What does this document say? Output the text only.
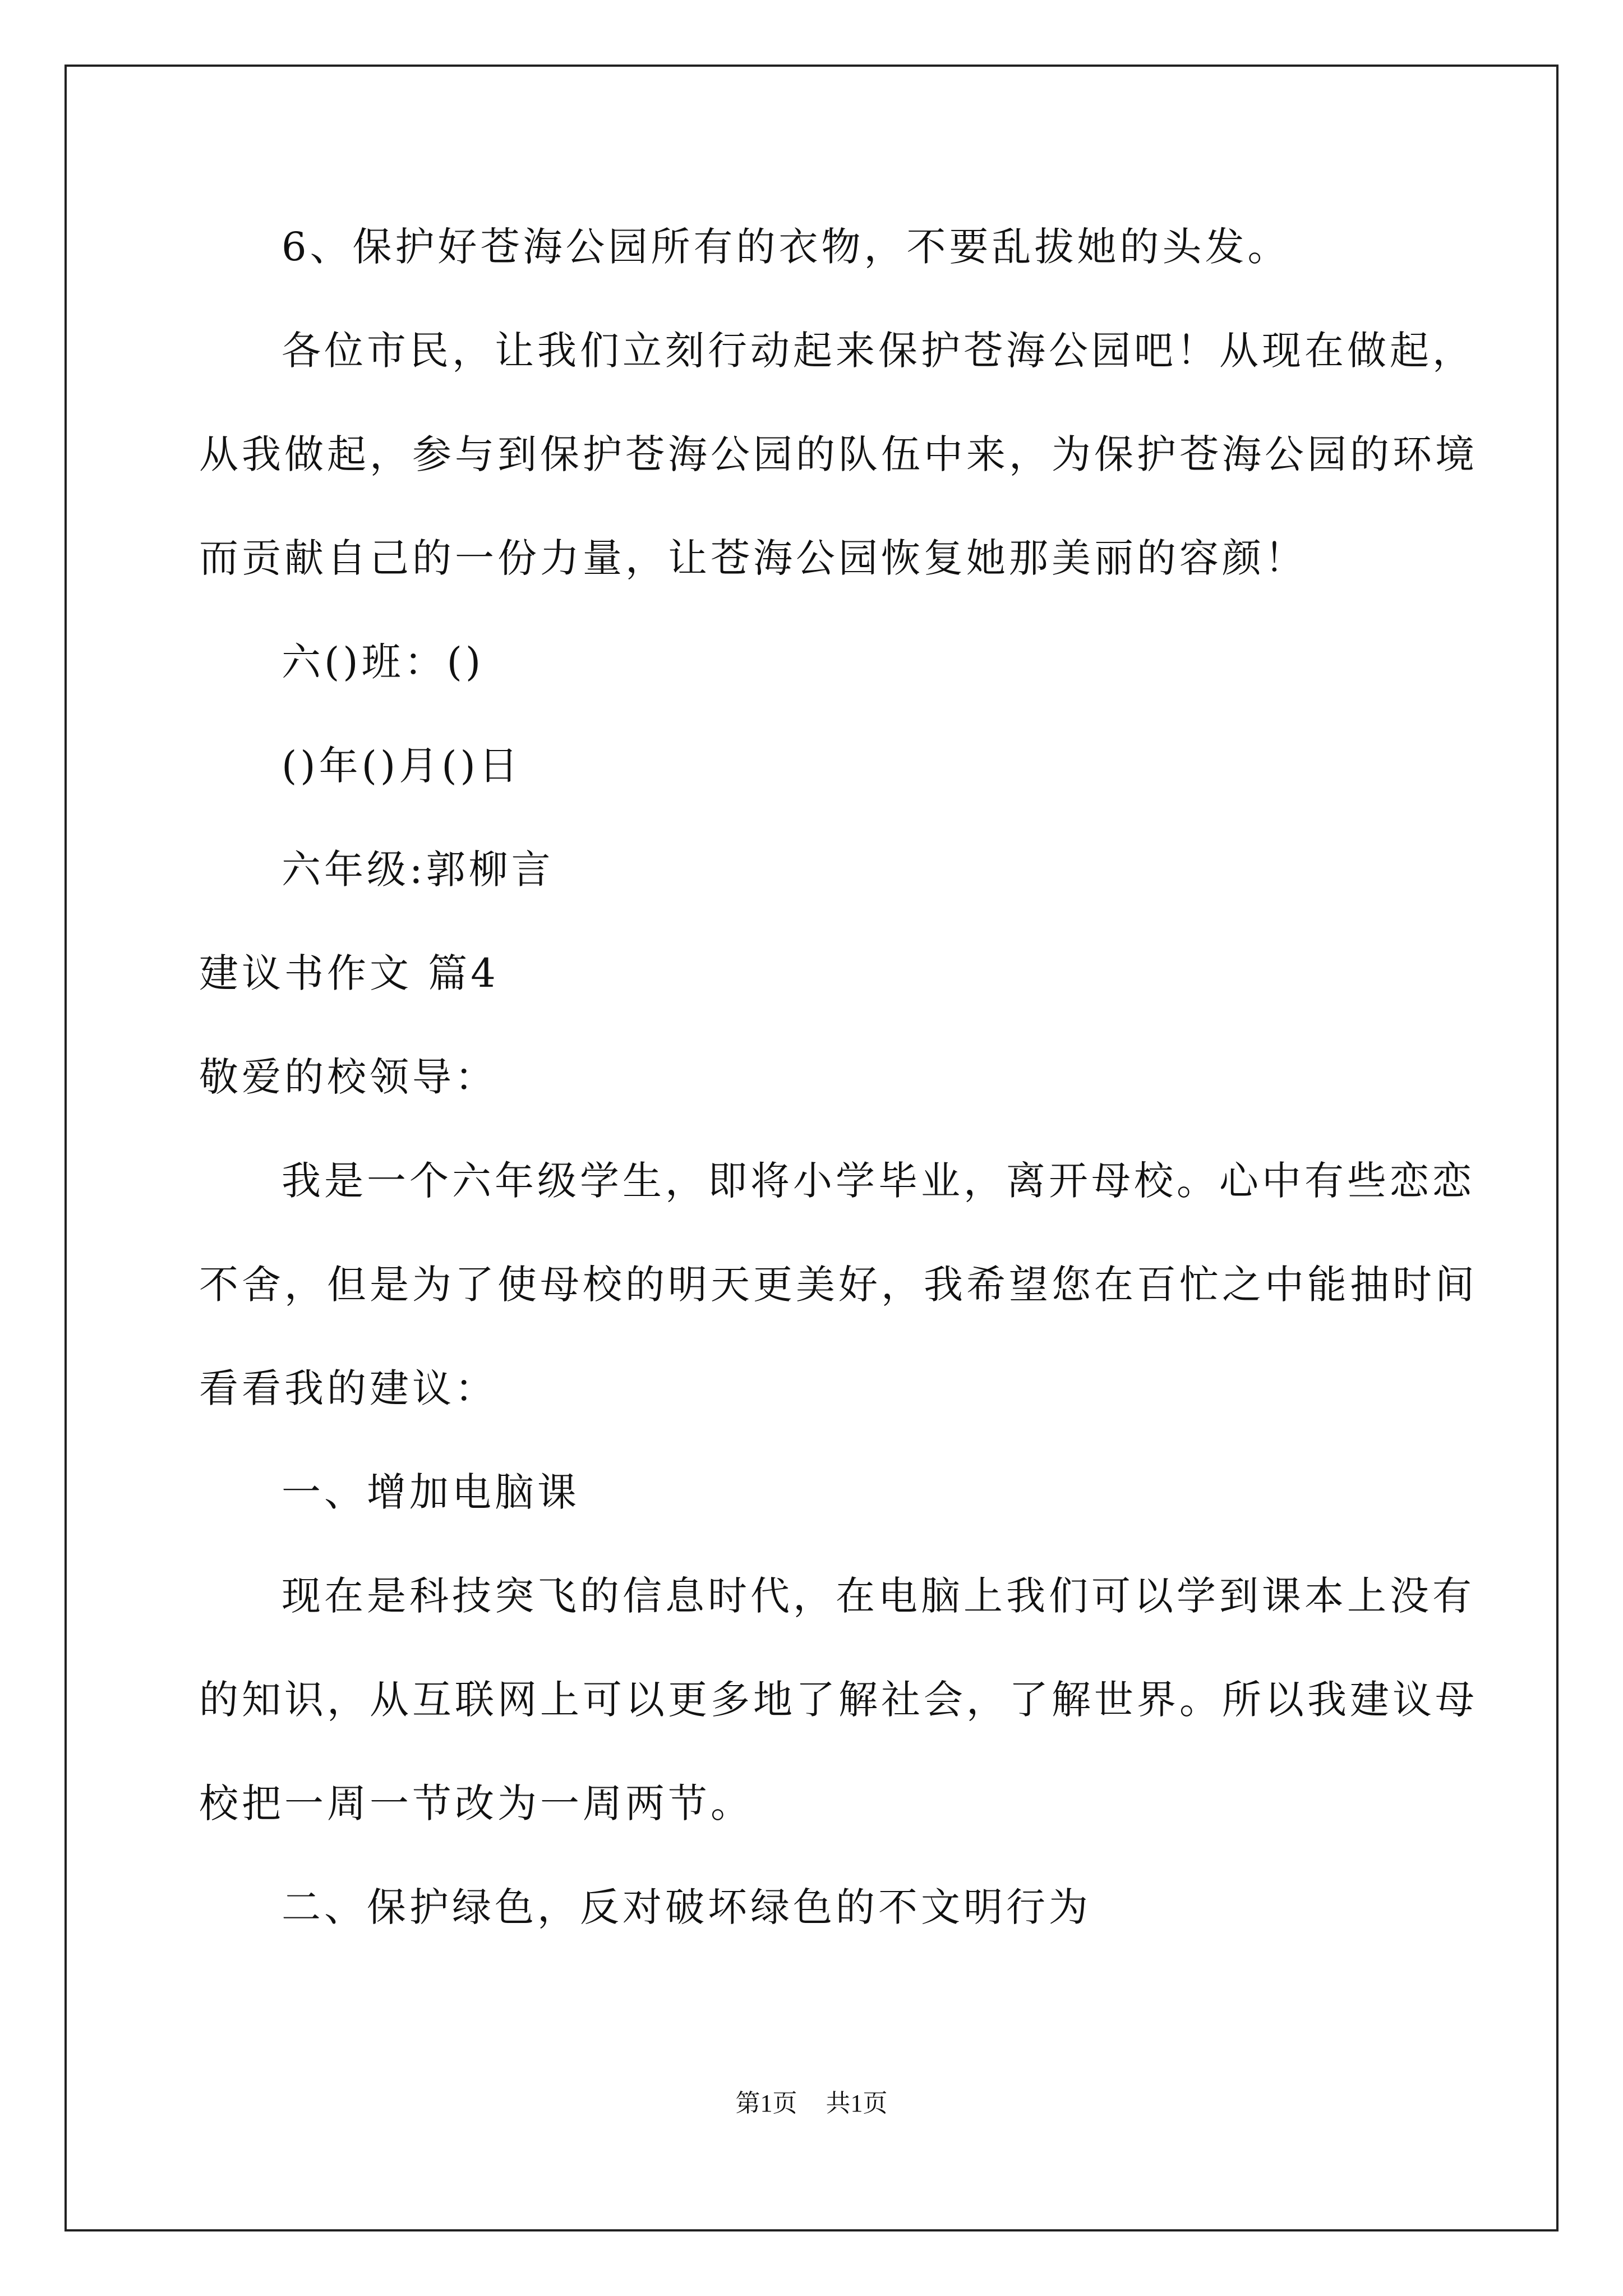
6、保护好苍海公园所有的衣物，不要乱拔她的头发。
各位市民，让我们立刻行动起来保护苍海公园吧！从现在做起，
从我做起，参与到保护苍海公园的队伍中来，为保护苍海公园的环境
而贡献自己的一份力量，让苍海公园恢复她那美丽的容颜！
六()班：()
()年()月()日
六年级:郭柳言
建议书作文 篇4
敬爱的校领导：
我是一个六年级学生，即将小学毕业，离开母校。心中有些恋恋
不舍，但是为了使母校的明天更美好，我希望您在百忙之中能抽时间
看看我的建议：
一、增加电脑课
现在是科技突飞的信息时代，在电脑上我们可以学到课本上没有
的知识，从互联网上可以更多地了解社会，了解世界。所以我建议母
校把一周一节改为一周两节。
二、保护绿色，反对破坏绿色的不文明行为
第1页 共1页
